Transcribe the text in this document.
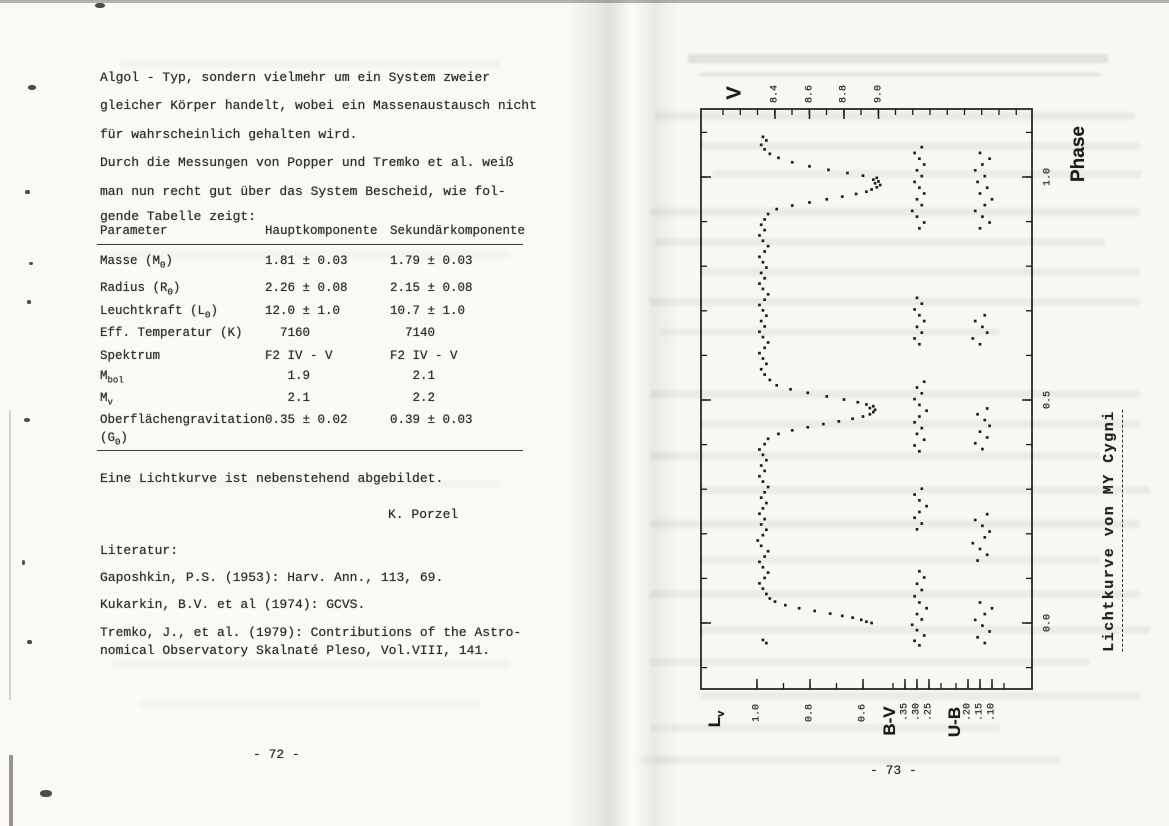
Algol - Typ, sondern vielmehr um ein System zweier
gleicher Körper handelt, wobei ein Massenaustausch nicht
für wahrscheinlich gehalten wird.
Durch die Messungen von Popper und Tremko et al. weiß
man nun recht gut über das System Bescheid, wie fol-
gende Tabelle zeigt:
Parameter	Hauptkomponente Sekundärkomponente
Masse $(M_\Theta)$	1.81 ± 0.03	1.79 ± 0.03
Radius $(R_\Theta)$	2.26 ± 0.08	2.15 ± 0.08
Leuchtkraft $(L_\Theta)$	12.0 ± 1.0	10.7 ± 1.0
Eff. Temperatur (K) 7160	7140
Spektrum	F2 IV - V	F2 IV - V
$M_{bol}$	1.9	2.1
$M_v$	2.1	2.2
Oberflächengravitation
$(G_\Theta)$
0.35 ± 0.02	0.39 ± 0.03
Eine Lichtkurve ist nebenstehend abgebildet.
K. Porzel
Literatur:
Gaposhkin, P.S. (1953): Harv. Ann., 113, 69.
Kukarkin, B.V. et al (1974): GCVS.
Tremko, J., et al. (1979): Contributions of the Astro-
nomical Observatory Skalnaté Pleso, Vol.VIII, 141.
- 72 -
- 73 -
V 8.4 8.6 8.8 9.0
Phase
1.0
0.5
0.0
$L_v$ 1.0	0.8	0.6 B-V .35 .30 .25 U-B
.20 .15 .10
Lichtkurve von MY Cygni
